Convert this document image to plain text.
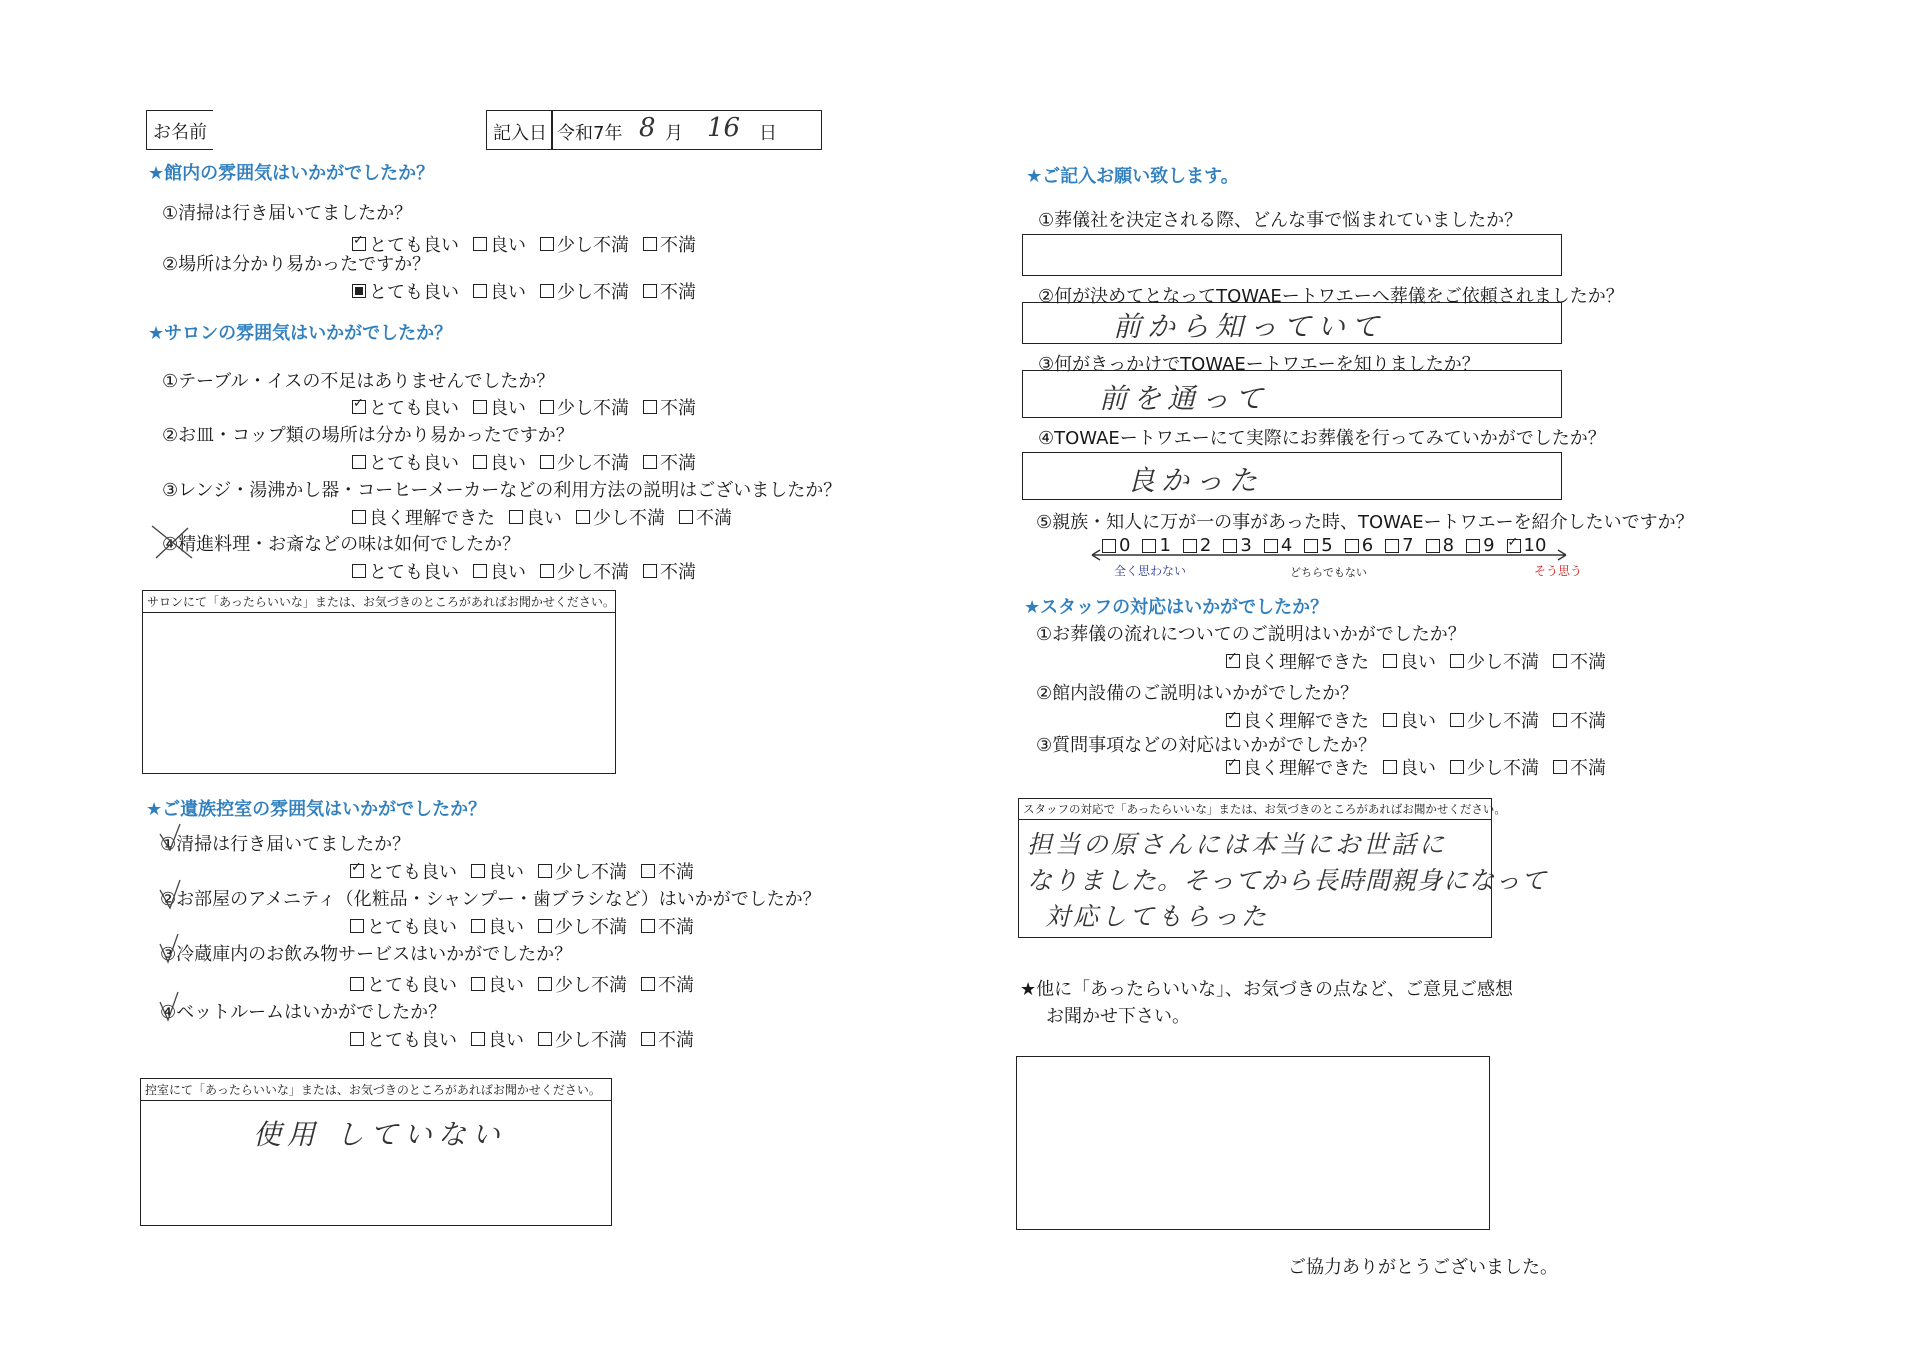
お名前	記入日 令和7年 8 月 16 日
★館内の雰囲気はいかがでしたか？
①清掃は行き届いてましたか？
✓
とても良い 良い 少し不満 不満
②場所は分かり易かったですか？
とても良い 良い 少し不満 不満
★サロンの雰囲気はいかがでしたか？
①テーブル・イスの不足はありませんでしたか？
✓
とても良い 良い 少し不満 不満
②お皿・コップ類の場所は分かり易かったですか？
とても良い 良い 少し不満 不満
③レンジ・湯沸かし器・コーヒーメーカーなどの利用方法の説明はございましたか？
良く理解できた 良い 少し不満 不満
④精進料理・お斎などの味は如何でしたか？
とても良い 良い 少し不満 不満
サロンにて「あったらいいな」または、お気づきのところがあればお聞かせください。
★ご遺族控室の雰囲気はいかがでしたか？
①清掃は行き届いてましたか？
✓
とても良い 良い 少し不満 不満
②お部屋のアメニティ（化粧品・シャンプー・歯ブラシなど）はいかがでしたか？
とても良い 良い 少し不満 不満
③冷蔵庫内のお飲み物サービスはいかがでしたか？
とても良い 良い 少し不満 不満
④ベットルームはいかがでしたか？
とても良い 良い 少し不満 不満
控室にて「あったらいいな」または、お気づきのところがあればお聞かせください。
使用 していない
★ご記入お願い致します。
①葬儀社を決定される際、どんな事で悩まれていましたか？
②何が決めてとなってTOWAEートワエーへ葬儀をご依頼されましたか？
前から知っていて
③何がきっかけでTOWAEートワエーを知りましたか？
前を通って
④TOWAEートワエーにて実際にお葬儀を行ってみていかがでしたか？
良かった
⑤親族・知人に万が一の事があった時、TOWAEートワエーを紹介したいですか？
0 1 2 3 4 5 6 7 8 9
✓ 10
全く思わない	どちらでもない	そう思う
★スタッフの対応はいかがでしたか？
①お葬儀の流れについてのご説明はいかがでしたか？
✓
良く理解できた 良い 少し不満 不満
②館内設備のご説明はいかがでしたか？
✓
良く理解できた 良い 少し不満 不満
③質問事項などの対応はいかがでしたか？
✓
良く理解できた 良い 少し不満 不満
スタッフの対応で「あったらいいな」または、お気づきのところがあればお聞かせください。
担当の原さんには本当にお世話に
なりました。そってから長時間親身になって
対応してもらった
★他に「あったらいいな」、お気づきの点など、ご意見ご感想
お聞かせ下さい。
ご協力ありがとうございました。
